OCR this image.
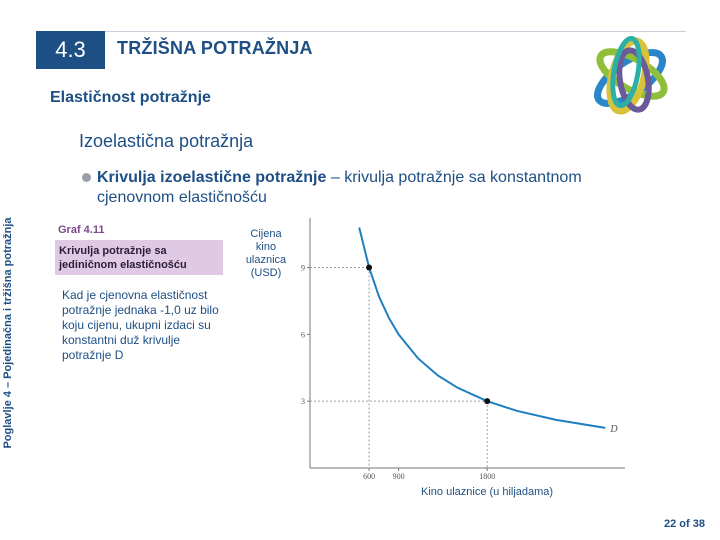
4.3	TRŽIŠNA POTRAŽNJA
Elastičnost potražnje
Izoelastična potražnja
Krivulja izoelastične potražnje – krivulja potražnje sa konstantnom cjenovnom elastičnošću
Poglavlje 4 – Pojedinačna i tržišna potražnja	Graf 4.11
Krivulja potražnje sa jediničnom elastičnošću
Kad je cjenovna elastičnost potražnje jednaka -1,0 uz bilo koju cijenu, ukupni izdaci su konstantni duž krivulje potražnje D
Cijena kino ulaznica (USD)
Kino ulaznice (u hiljadama)
9
6
3
600 900	1800
D
22 of 38
